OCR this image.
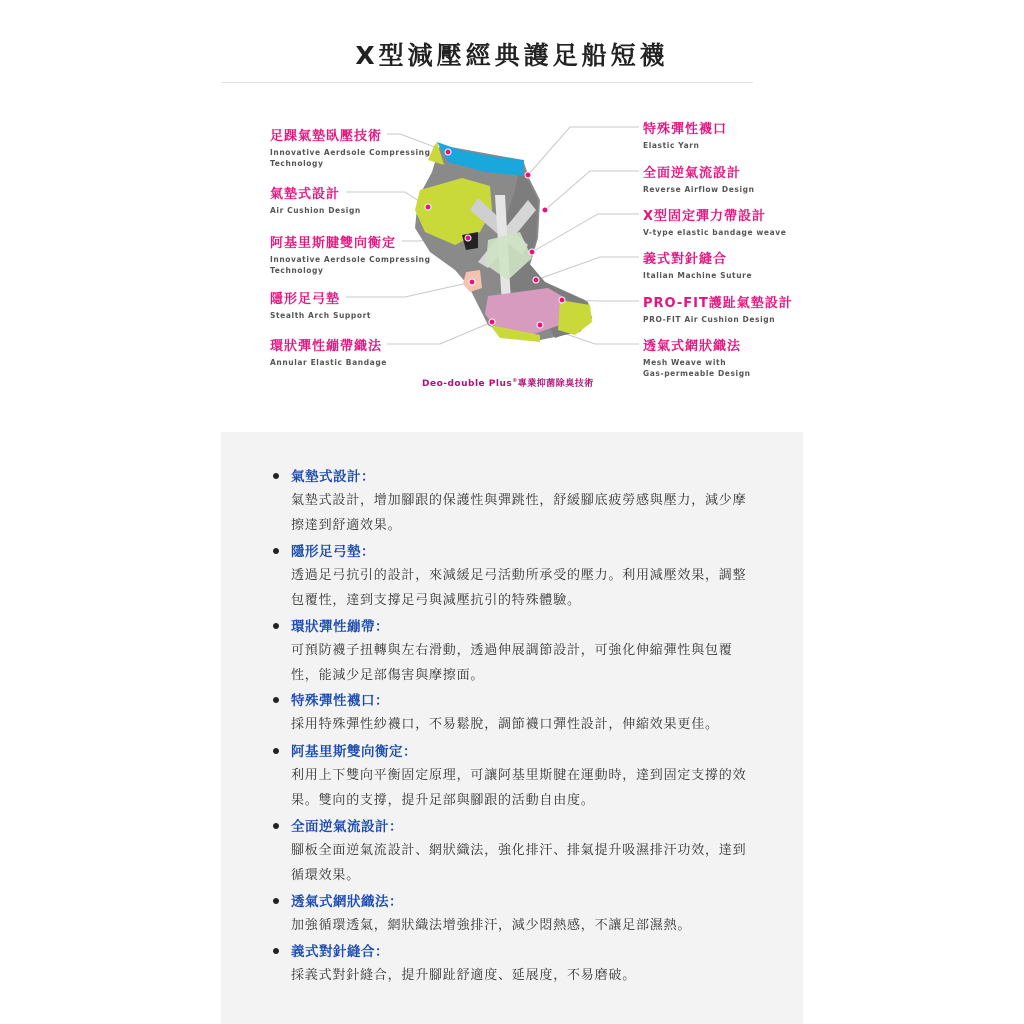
X型減壓經典護足船短襪
足踝氣墊臥壓技術
Innovative Aerdsole Compressing
Technology
氣墊式設計
Air Cushion Design
阿基里斯腱雙向衡定
Innovative Aerdsole Compressing
Technology
隱形足弓墊
Stealth Arch Support
環狀彈性繃帶織法
Annular Elastic Bandage
特殊彈性襪口
Elastic Yarn
全面逆氣流設計
Reverse Airflow Design
X型固定彈力帶設計
V-type elastic bandage weave
義式對針縫合
Italian Machine Suture
PRO-FIT護趾氣墊設計
PRO-FIT Air Cushion Design
透氣式網狀織法
Mesh Weave with
Gas-permeable Design
Deo-double Plus®專業抑菌除臭技術
氣墊式設計：
氣墊式設計，增加腳跟的保護性與彈跳性，舒緩腳底疲勞感與壓力，減少摩擦達到舒適效果。
隱形足弓墊：
透過足弓抗引的設計，來減緩足弓活動所承受的壓力。利用減壓效果，調整包覆性，達到支撐足弓與減壓抗引的特殊體驗。
環狀彈性繃帶：
可預防襪子扭轉與左右滑動，透過伸展調節設計，可強化伸縮彈性與包覆性，能減少足部傷害與摩擦面。
特殊彈性襪口：
採用特殊彈性紗襪口，不易鬆脫，調節襪口彈性設計，伸縮效果更佳。
阿基里斯雙向衡定：
利用上下雙向平衡固定原理，可讓阿基里斯腱在運動時，達到固定支撐的效果。雙向的支撐，提升足部與腳跟的活動自由度。
全面逆氣流設計：
腳板全面逆氣流設計、網狀織法，強化排汗、排氣提升吸濕排汗功效，達到循環效果。
透氣式網狀織法：
加強循環透氣，網狀織法增強排汗，減少悶熱感，不讓足部濕熱。
義式對針縫合：
採義式對針縫合，提升腳趾舒適度、延展度，不易磨破。
